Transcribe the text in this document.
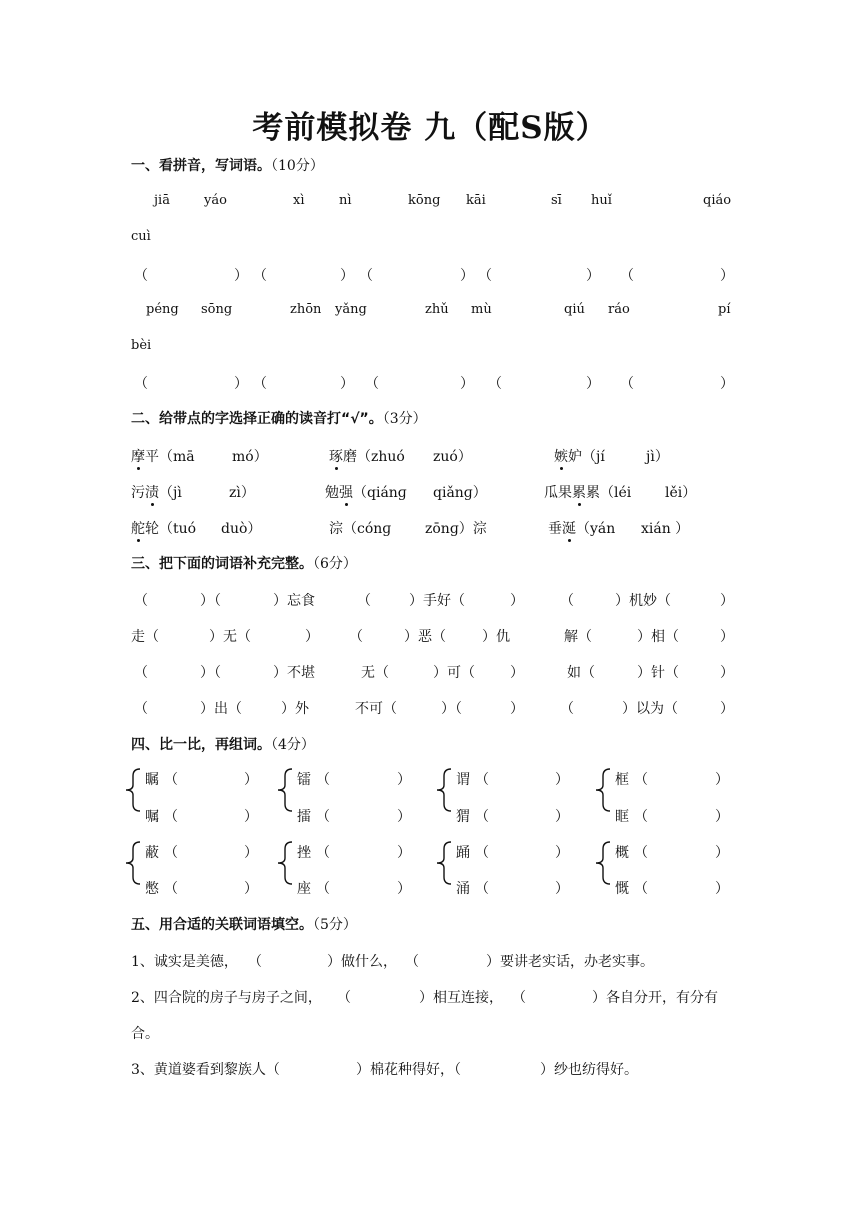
考前模拟卷 九（配S版）
一、看拼音，写词语。（10分）
jiā	yáo	xì	nì	kōng kāi	sī huǐ	qiáo
cuì
（	） （	） （	） （	） （	）
péng sōng	zhōn yǎng	zhǔ mù	qiú ráo	pí
bèi
（	） （	） （	） （	） （	）
二、给带点的字选择正确的读音打“√”。（3分）
摩平（mā	mó）	琢磨（zhuó zuó）	嫉妒（jí	jì）
污渍（jì	zì）	勉强（qiánɡ qiǎnɡ）	瓜果累累（léi lěi）
舵轮（tuó duò）	淙（cónɡ zōnɡ）淙	垂涎（yán xián ）
三、把下面的词语补充完整。（6分）
（	）（	）忘食	（	）手好（	）	（	）机妙（	）
走（	）无（	） （	）恶（	）仇	解（	）相（	）
（	）（	）不堪	无（	）可（	）	如（	）针（	）
（	）出（	）外	不可（	）（	）	（	）以为（	）
四、比一比，再组词。（4分）
瞩 （	）	镭 （	）	谓 （	）	框 （	）
嘱 （	）	擂 （	）	猬 （	）	眶 （	）
蔽 （	）	挫 （	）	踊 （	）	概 （	）
憋 （	）	座 （	）	涌 （	）	慨 （	）
五、用合适的关联词语填空。（5分）
1、诚实是美德， （	）做什么， （	）要讲老实话，办老实事。
2、四合院的房子与房子之间， （	）相互连接， （	）各自分开，有分有
合。
3、黄道婆看到黎族人（	）棉花种得好，（	）纱也纺得好。
